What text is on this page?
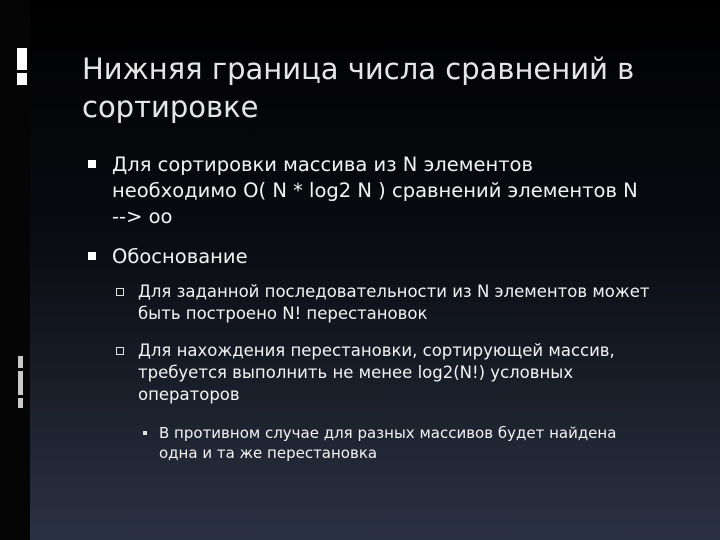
Нижняя граница числа сравнений в сортировке
Для сортировки массива из N элементов необходимо O( N * log2 N ) сравнений элементов N --> oo
Обоснование
Для заданной последовательности из N элементов может быть построено N! перестановок
Для нахождения перестановки, сортирующей массив, требуется выполнить не менее log2(N!) условных операторов
В противном случае для разных массивов будет найдена одна и та же перестановка
